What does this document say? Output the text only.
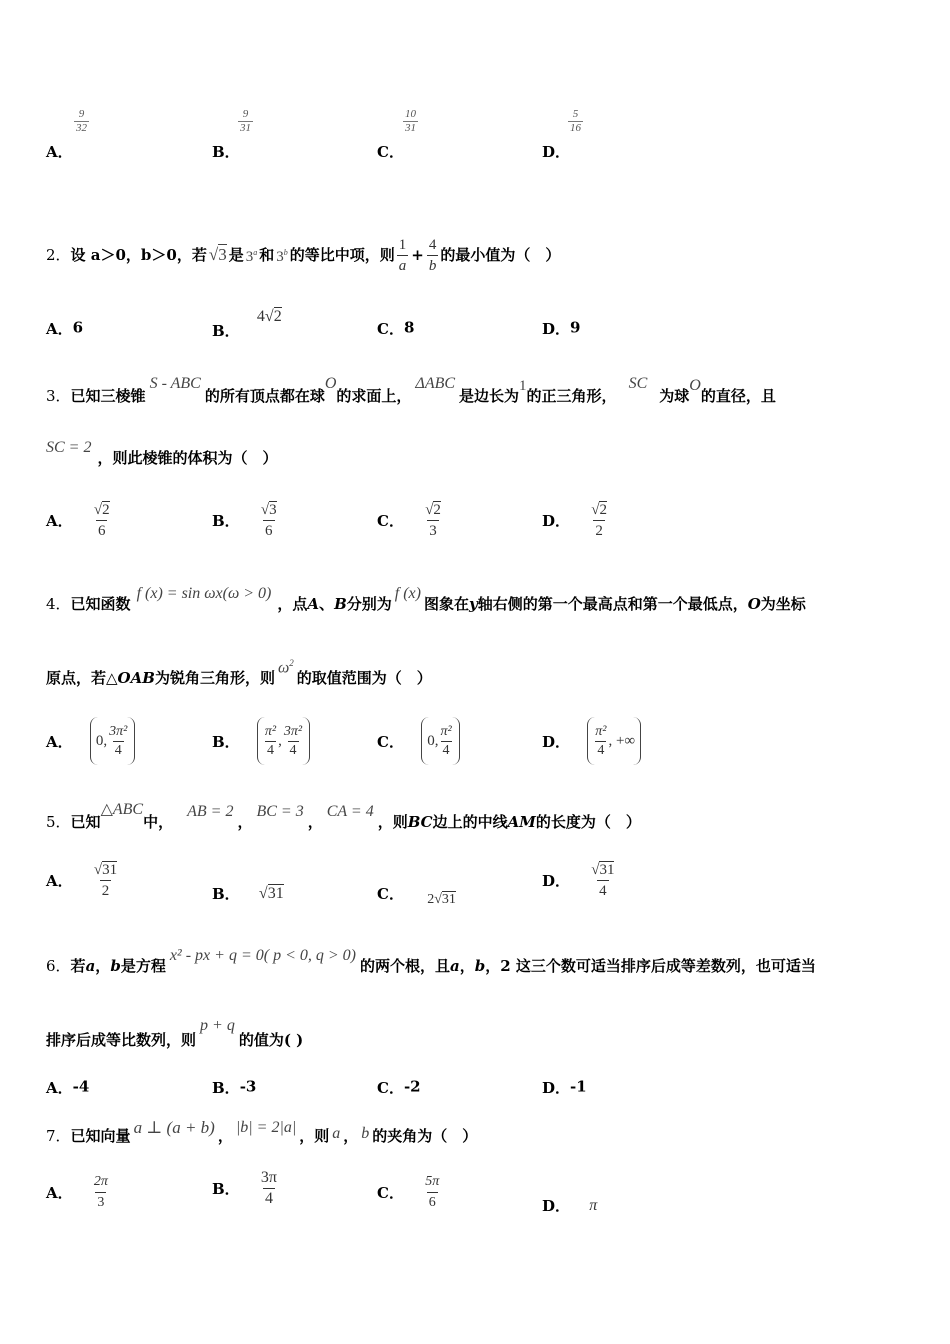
$\frac{9}{32}$
A．
$\frac{9}{31}$
B．
$\frac{10}{31}$
C．
$\frac{5}{16}$
D．
2． 设 a＞0，b＞0，若 √3 是 3$^a$ 和 3$^b$ 的等比中项，则 $\frac{1}{a} + \frac{4}{b}$ 的最小值为（　）
A．6	B． 4√2
C．8	D．9
3． 已知三棱锥
S - ABC
的所有顶点都在球
O
的求面上，
ΔABC
是边长为
1
的正三角形，
SC
为球
O
的直径，且
SC = 2
，则此棱锥的体积为（　）
A． $\frac{√2}{6}$	B． $\frac{√3}{6}$	C． $\frac{√2}{3}$	D． $\frac{√2}{2}$
4． 已知函数
f (x) = sin ωx(ω > 0)
，点 A 、 B 分别为
f (x)
图象在 y 轴右侧的第一个最高点和第一个最低点， O 为坐标
原点，若△ OAB 为锐角三角形，则
$\omega^2$
的取值范围为（　）
A． 0, $\frac{\text{3π²}}{4}$	B． $\frac{\text{π²}}{4}$ , $\frac{\text{3π²}}{4}$	C． 0, $\frac{\text{π²}}{4}$	D． $\frac{\text{π²}}{4}$ , +∞
5． 已知
△ABC
中，
AB = 2
，
BC = 3
，
CA = 4
，则 BC 边上的中线 AM 的长度为（　）
A． $\frac{√31}{2}$	B． √31	C． 2√31
D． $\frac{√31}{4}$
6． 若 a ， b 是方程
x² - px + q = 0( p < 0, q > 0)
的两个根，且 a ， b ，2 这三个数可适当排序后成等差数列，也可适当
排序后成等比数列，则
p + q
的值为( )
A．-4	B．-3	C．-2	D．-1
7． 已知向量 a ⊥ (a + b) ， |b| = 2|a| ，则 a ， b 的夹角为（　）
A． $\frac{2\pi}{3}$	B． $\frac{3\pi}{4}$	C． $\frac{5\pi}{6}$	D． π
